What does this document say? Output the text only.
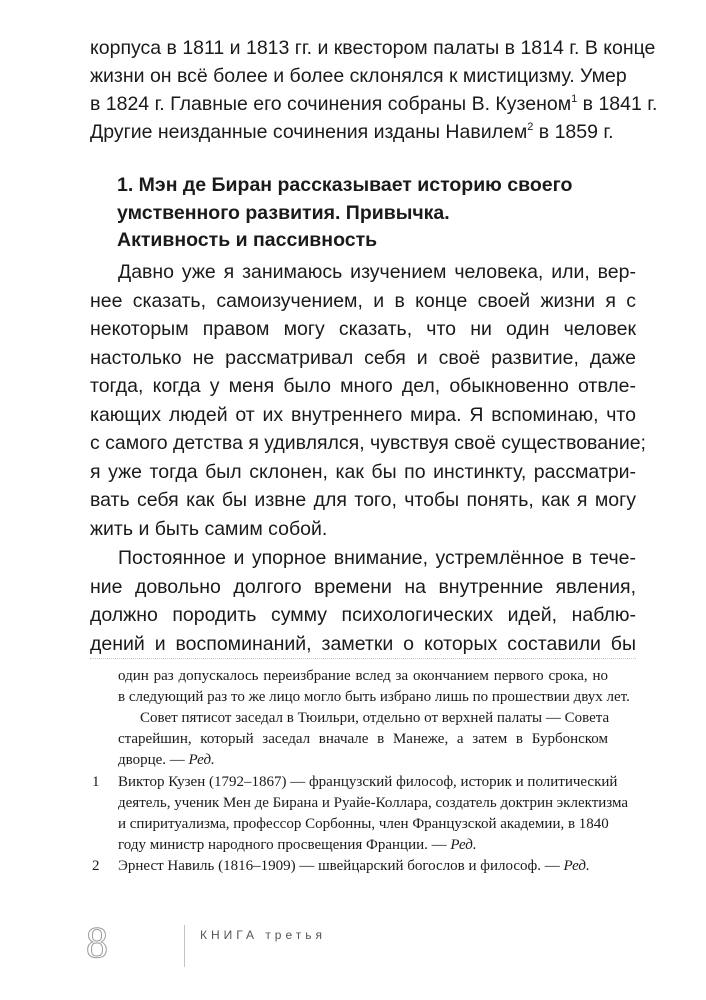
корпуса в 1811 и 1813 гг. и квестором палаты в 1814 г. В конце
жизни он всё более и более склонялся к мистицизму. Умер
в 1824 г. Главные его сочинения собраны В. Кузеном$^1$ в 1841 г.
Другие неизданные сочинения изданы Навилем$^2$ в 1859 г.
1. Мэн де Биран рассказывает историю своего
умственного развития. Привычка.
Активность и пассивность
Давно уже я занимаюсь изучением человека, или, вер-
нее сказать, самоизучением, и в конце своей жизни я с
некоторым правом могу сказать, что ни один человек
настолько не рассматривал себя и своё развитие, даже
тогда, когда у меня было много дел, обыкновенно отвле-
кающих людей от их внутреннего мира. Я вспоминаю, что
с самого детства я удивлялся, чувствуя своё существование;
я уже тогда был склонен, как бы по инстинкту, рассматри-
вать себя как бы извне для того, чтобы понять, как я могу
жить и быть самим собой.
Постоянное и упорное внимание, устремлённое в тече-
ние довольно долгого времени на внутренние явления,
должно породить сумму психологических идей, наблю-
дений и воспоминаний, заметки о которых составили бы
один раз допускалось переизбрание вслед за окончанием первого срока, но
в следующий раз то же лицо могло быть избрано лишь по прошествии двух лет.
Совет пятисот заседал в Тюильри, отдельно от верхней палаты — Совета
старейшин, который заседал вначале в Манеже, а затем в Бурбонском
дворце. — Ред.
1 Виктор Кузен (1792–1867) — французский философ, историк и политический
деятель, ученик Мен де Бирана и Руайе-Коллара, создатель доктрин эклектизма
и спиритуализма, профессор Сорбонны, член Французской академии, в 1840
году министр народного просвещения Франции. — Ред.
2 Эрнест Навиль (1816–1909) — швейцарский богослов и философ. — Ред.
8	КНИГА третья
